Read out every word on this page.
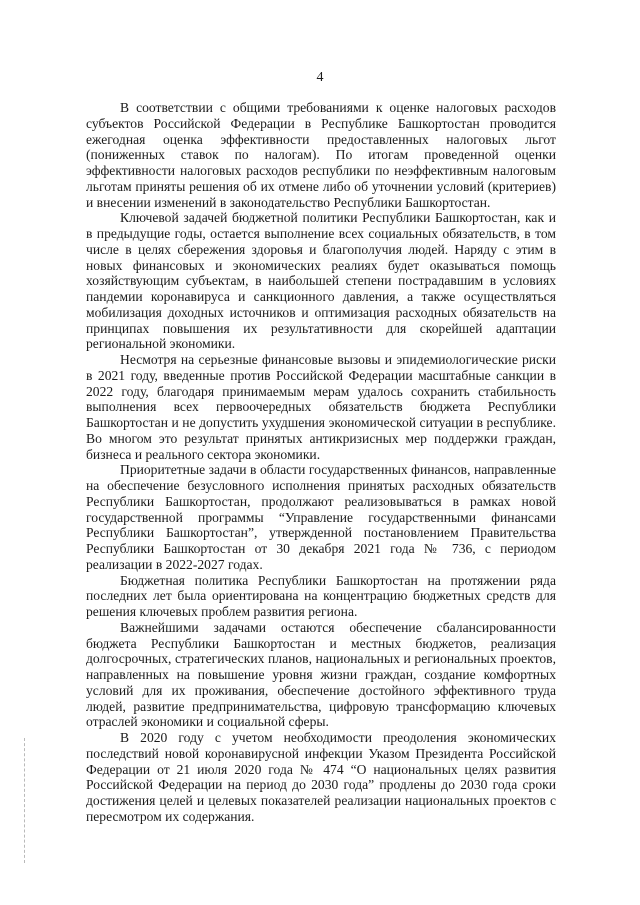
4

В соответствии с общими требованиями к оценке налоговых расходов субъектов Российской Федерации в Республике Башкортостан проводится ежегодная оценка эффективности предоставленных налоговых льгот (пониженных ставок по налогам). По итогам проведенной оценки эффективности налоговых расходов республики по неэффективным налоговым льготам приняты решения об их отмене либо об уточнении условий (критериев) и внесении изменений в законодательство Республики Башкортостан.

Ключевой задачей бюджетной политики Республики Башкортостан, как и в предыдущие годы, остается выполнение всех социальных обязательств, в том числе в целях сбережения здоровья и благополучия людей. Наряду с этим в новых финансовых и экономических реалиях будет оказываться помощь хозяйствующим субъектам, в наибольшей степени пострадавшим в условиях пандемии коронавируса и санкционного давления, а также осуществляться мобилизация доходных источников и оптимизация расходных обязательств на принципах повышения их результативности для скорейшей адаптации региональной экономики.

Несмотря на серьезные финансовые вызовы и эпидемиологические риски в 2021 году, введенные против Российской Федерации масштабные санкции в 2022 году, благодаря принимаемым мерам удалось сохранить стабильность выполнения всех первоочередных обязательств бюджета Республики Башкортостан и не допустить ухудшения экономической ситуации в республике. Во многом это результат принятых антикризисных мер поддержки граждан, бизнеса и реального сектора экономики.

Приоритетные задачи в области государственных финансов, направленные на обеспечение безусловного исполнения принятых расходных обязательств Республики Башкортостан, продолжают реализовываться в рамках новой государственной программы “Управление государственными финансами Республики Башкортостан”, утвержденной постановлением Правительства Республики Башкортостан от 30 декабря 2021 года № 736, с периодом реализации в 2022-2027 годах.

Бюджетная политика Республики Башкортостан на протяжении ряда последних лет была ориентирована на концентрацию бюджетных средств для решения ключевых проблем развития региона.

Важнейшими задачами остаются обеспечение сбалансированности бюджета Республики Башкортостан и местных бюджетов, реализация долгосрочных, стратегических планов, национальных и региональных проектов, направленных на повышение уровня жизни граждан, создание комфортных условий для их проживания, обеспечение достойного эффективного труда людей, развитие предпринимательства, цифровую трансформацию ключевых отраслей экономики и социальной сферы.

В 2020 году с учетом необходимости преодоления экономических последствий новой коронавирусной инфекции Указом Президента Российской Федерации от 21 июля 2020 года № 474 “О национальных целях развития Российской Федерации на период до 2030 года” продлены до 2030 года сроки достижения целей и целевых показателей реализации национальных проектов с пересмотром их содержания.
